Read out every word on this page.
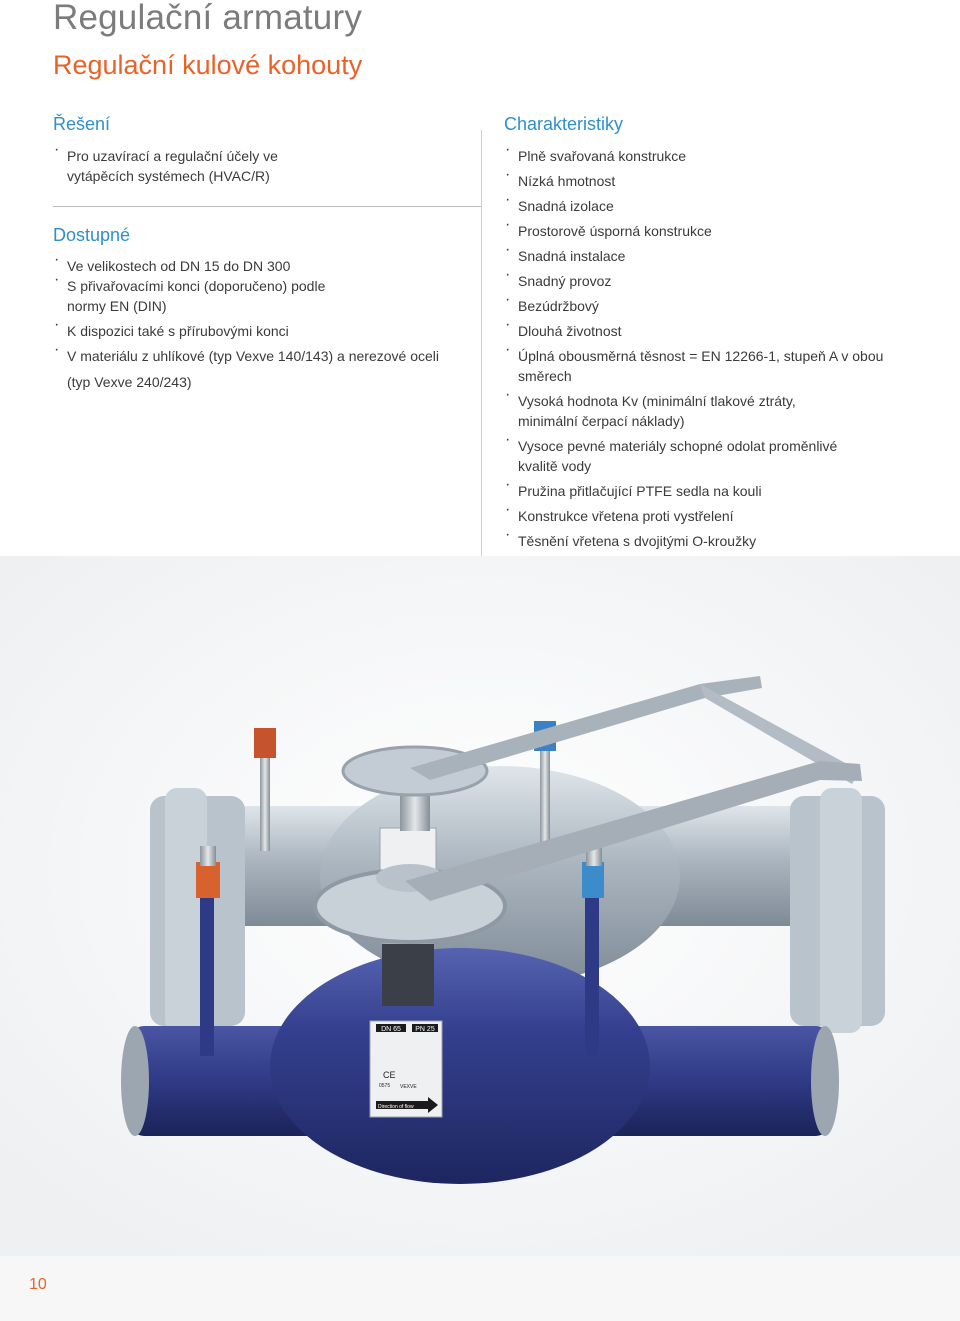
Regulační armatury
Regulační kulové kohouty
Řešení
· Pro uzavírací a regulační účely ve vytápěcích systémech (HVAC/R)
Dostupné
· Ve velikostech od DN 15 do DN 300
· S přivařovacími konci (doporučeno) podle normy EN (DIN)
· K dispozici také s přírubovými konci
· V materiálu z uhlíkové (typ Vexve 140/143) a nerezové oceli (typ Vexve 240/243)
Charakteristiky
· Plně svařovaná konstrukce
· Nízká hmotnost
· Snadná izolace
· Prostorově úsporná konstrukce
· Snadná instalace
· Snadný provoz
· Bezúdržbový
· Dlouhá životnost
· Úplná obousměrná těsnost = EN 12266-1, stupeň A v obou směrech
· Vysoká hodnota Kv (minimální tlakové ztráty, minimální čerpací náklady)
· Vysoce pevné materiály schopné odolat proměnlivé kvalitě vody
· Pružina přitlačující PTFE sedla na kouli
· Konstrukce vřetena proti vystřelení
· Těsnění vřetena s dvojitými O-kroužky
·
DN 65 PN 25
CE
0575 VEXVE
Direction of flow
10
